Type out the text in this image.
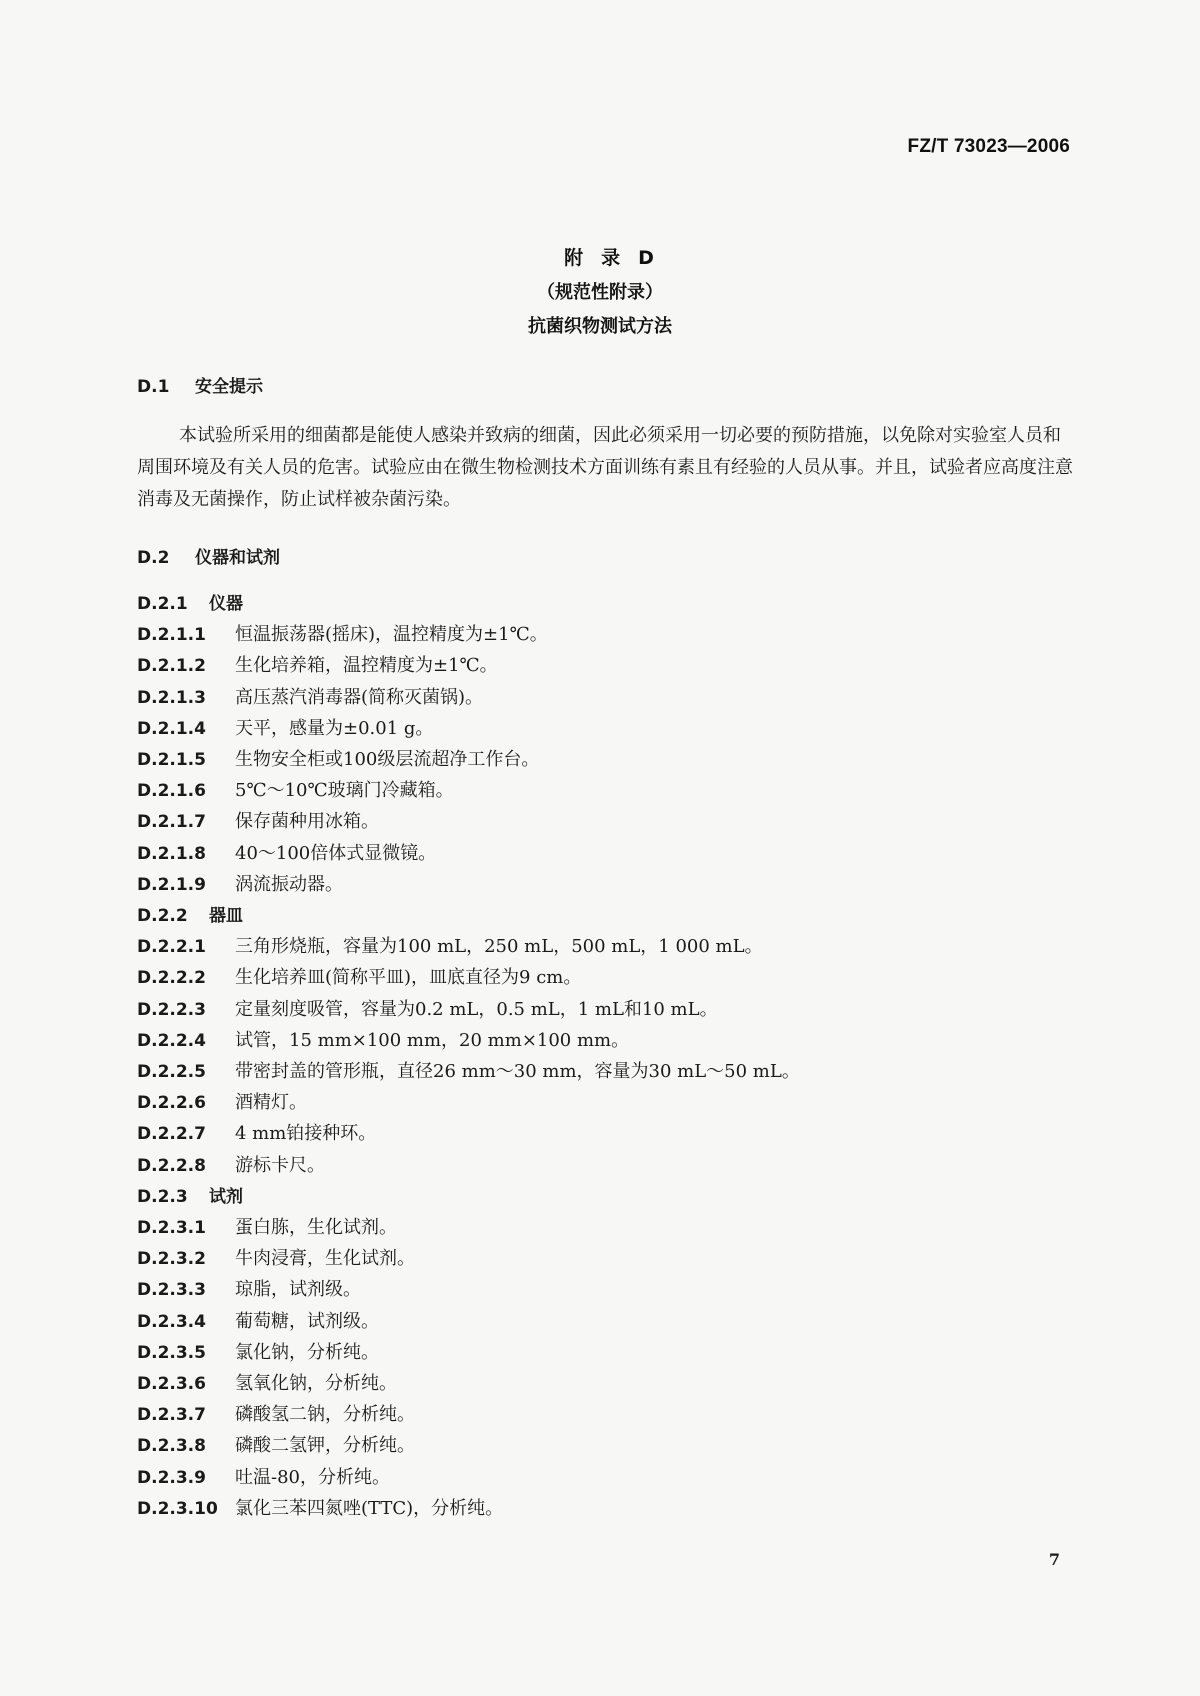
FZ/T 73023—2006
附录D
（规范性附录）
抗菌织物测试方法
D.1 安全提示
本试验所采用的细菌都是能使人感染并致病的细菌，因此必须采用一切必要的预防措施，以免除对实验室人员和周围环境及有关人员的危害。试验应由在微生物检测技术方面训练有素且有经验的人员从事。并且，试验者应高度注意消毒及无菌操作，防止试样被杂菌污染。
D.2 仪器和试剂
D.2.1 仪器
D.2.1.1 恒温振荡器(摇床)，温控精度为±1℃。
D.2.1.2 生化培养箱，温控精度为±1℃。
D.2.1.3 高压蒸汽消毒器(简称灭菌锅)。
D.2.1.4 天平，感量为±0.01 g。
D.2.1.5 生物安全柜或100级层流超净工作台。
D.2.1.6 5℃～10℃玻璃门冷藏箱。
D.2.1.7 保存菌种用冰箱。
D.2.1.8 40～100倍体式显微镜。
D.2.1.9 涡流振动器。
D.2.2 器皿
D.2.2.1 三角形烧瓶，容量为100 mL，250 mL，500 mL，1 000 mL。
D.2.2.2 生化培养皿(简称平皿)，皿底直径为9 cm。
D.2.2.3 定量刻度吸管，容量为0.2 mL，0.5 mL，1 mL和10 mL。
D.2.2.4 试管，15 mm×100 mm，20 mm×100 mm。
D.2.2.5 带密封盖的管形瓶，直径26 mm～30 mm，容量为30 mL～50 mL。
D.2.2.6 酒精灯。
D.2.2.7 4 mm铂接种环。
D.2.2.8 游标卡尺。
D.2.3 试剂
D.2.3.1 蛋白胨，生化试剂。
D.2.3.2 牛肉浸膏，生化试剂。
D.2.3.3 琼脂，试剂级。
D.2.3.4 葡萄糖，试剂级。
D.2.3.5 氯化钠，分析纯。
D.2.3.6 氢氧化钠，分析纯。
D.2.3.7 磷酸氢二钠，分析纯。
D.2.3.8 磷酸二氢钾，分析纯。
D.2.3.9 吐温-80，分析纯。
D.2.3.10 氯化三苯四氮唑(TTC)，分析纯。
7
